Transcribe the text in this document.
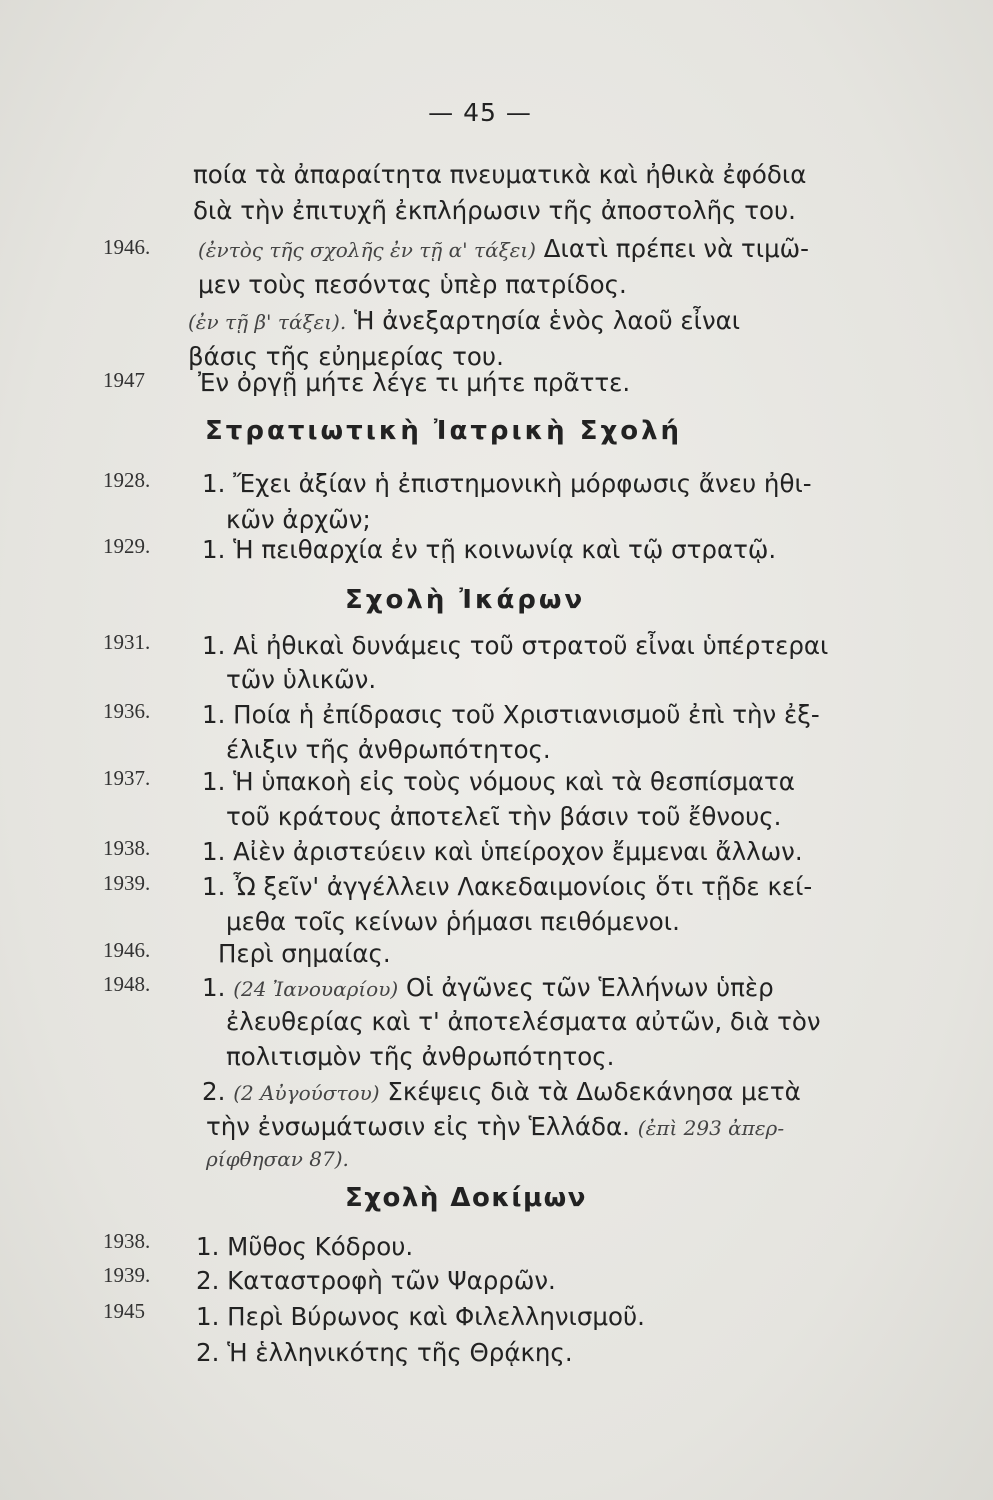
— 45 —
ποία τὰ ἀπαραίτητα πνευματικὰ καὶ ἠθικὰ ἐφόδια
διὰ τὴν ἐπιτυχῆ ἐκπλήρωσιν τῆς ἀποστολῆς του.
1946. (ἐντὸς τῆς σχολῆς ἐν τῇ α' τάξει) Διατὶ πρέπει νὰ τιμῶ-
μεν τοὺς πεσόντας ὑπὲρ πατρίδος.
(ἐν τῇ β' τάξει). Ἡ ἀνεξαρτησία ἑνὸς λαοῦ εἶναι
βάσις τῆς εὐημερίας του.
1947 Ἐν ὀργῇ μήτε λέγε τι μήτε πρᾶττε.
Στρατιωτικὴ Ἰατρικὴ Σχολή
1928. 1. Ἔχει ἀξίαν ἡ ἐπιστημονικὴ μόρφωσις ἄνευ ἠθι-
κῶν ἀρχῶν;
1929. 1. Ἡ πειθαρχία ἐν τῇ κοινωνίᾳ καὶ τῷ στρατῷ.
Σχολὴ Ἰκάρων
1931. 1. Αἱ ἠθικαὶ δυνάμεις τοῦ στρατοῦ εἶναι ὑπέρτεραι
τῶν ὑλικῶν.
1936. 1. Ποία ἡ ἐπίδρασις τοῦ Χριστιανισμοῦ ἐπὶ τὴν ἐξ-
έλιξιν τῆς ἀνθρωπότητος.
1937. 1. Ἡ ὑπακοὴ εἰς τοὺς νόμους καὶ τὰ θεσπίσματα
τοῦ κράτους ἀποτελεῖ τὴν βάσιν τοῦ ἔθνους.
1938. 1. Αἰὲν ἀριστεύειν καὶ ὑπείροχον ἔμμεναι ἄλλων.
1939. 1. Ὦ ξεῖν' ἀγγέλλειν Λακεδαιμονίοις ὅτι τῇδε κεί-
μεθα τοῖς κείνων ῥήμασι πειθόμενοι.
1946.	Περὶ σημαίας.
1948. 1. (24 Ἰανουαρίου) Οἱ ἀγῶνες τῶν Ἑλλήνων ὑπὲρ
ἐλευθερίας καὶ τ' ἀποτελέσματα αὐτῶν, διὰ τὸν
πολιτισμὸν τῆς ἀνθρωπότητος.
2. (2 Αὐγούστου) Σκέψεις διὰ τὰ Δωδεκάνησα μετὰ
τὴν ἐνσωμάτωσιν εἰς τὴν Ἑλλάδα. (ἐπὶ 293 ἀπερ-
ρίφθησαν 87).
Σχολὴ Δοκίμων
1938. 1. Μῦθος Κόδρου.
1939. 2. Καταστροφὴ τῶν Ψαρρῶν.
1945 1. Περὶ Βύρωνος καὶ Φιλελληνισμοῦ.
2. Ἡ ἑλληνικότης τῆς Θρᾴκης.
